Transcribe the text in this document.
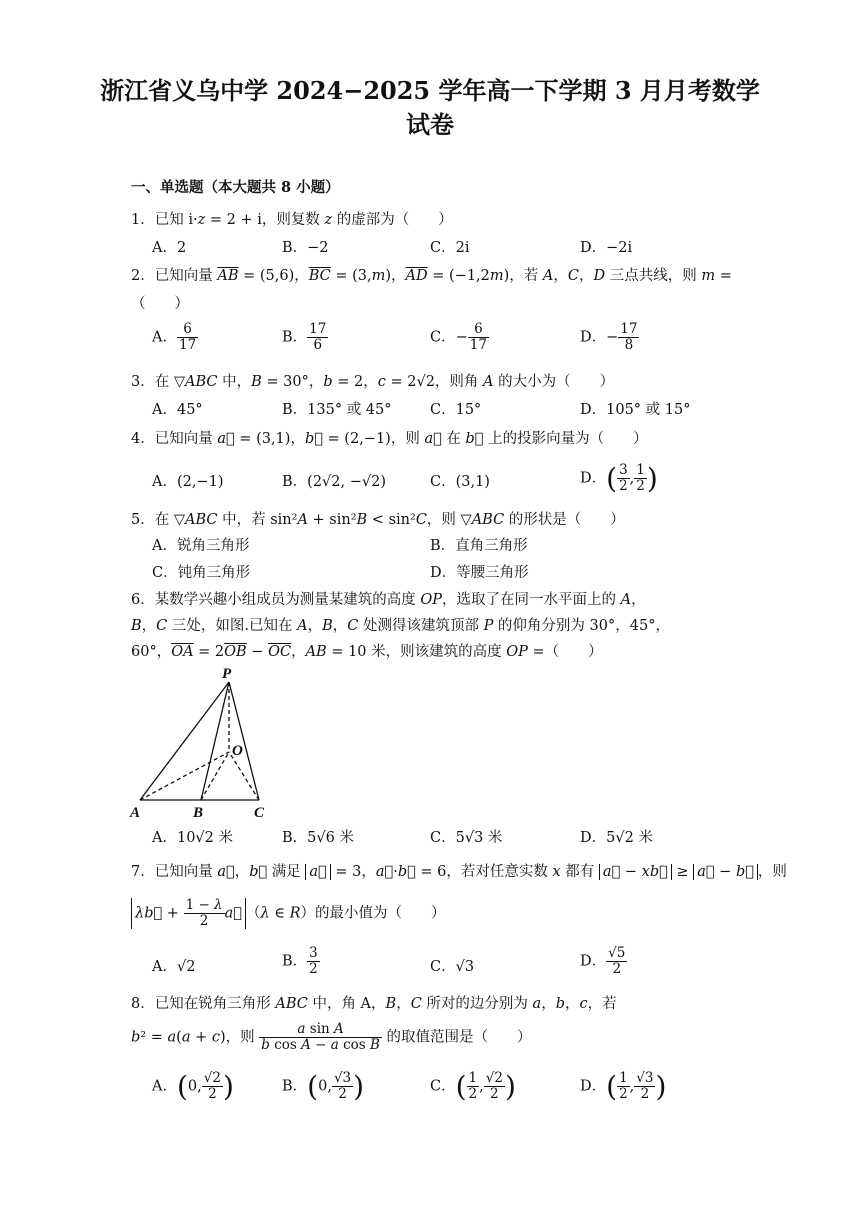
浙江省义乌中学 2024−2025 学年高一下学期 3 月月考数学
试卷
一、单选题（本大题共 8 小题）
1．已知 i·z = 2 + i，则复数 z 的虚部为（　　）
A．2	B．−2	C．2i	D．−2i
2．已知向量 $\overline{AB} = (5,6)$，$\overline{BC} = (3,m)$，$\overline{AD} = (-1,2m)$，若 A，C，D 三点共线，则 m =
（　　）
A． $\frac{6}{17}$	B． $\frac{17}{6}$	C．− $\frac{6}{17}$	D．− $\frac{17}{8}$
3．在 ▽ABC 中，B = 30°，b = 2，c = 2√2，则角 A 的大小为（　　）
A．45°	B．135° 或 45°	C．15°	D．105° 或 15°
4．已知向量 a⃗ = (3,1)，b⃗ = (2,−1)，则 a⃗ 在 b⃗ 上的投影向量为（　　）
A．(2,−1)	B．(2√2, −√2)	C．(3,1)	D．( $\frac{3}{2}$ , $\frac{1}{2}$ )
5．在 ▽ABC 中，若 sin²A + sin²B < sin²C，则 ▽ABC 的形状是（　　）
A．锐角三角形	B．直角三角形
C．钝角三角形	D．等腰三角形
6．某数学兴趣小组成员为测量某建筑的高度 OP，选取了在同一水平面上的 A，
B，C 三处，如图.已知在 A，B，C 处测得该建筑顶部 P 的仰角分别为 30°，45°，
60°，$\overline{OA} = 2\overline{OB} - \overline{OC}$，AB = 10 米，则该建筑的高度 OP =（　　）
P
O
A	B	C
A．10√2 米	B．5√6 米	C．5√3 米	D．5√2 米
7．已知向量 a⃗，b⃗ 满足 a⃗ = 3，a⃗·b⃗ = 6，若对任意实数 x 都有 a⃗ − xb⃗ ≥ a⃗ − b⃗ ，则
λb⃗ + $\frac{1 - \lambda}{2}$ a⃗ （λ ∈ R）的最小值为（　　）
A．√2	B． $\frac{3}{2}$	C．√3	D． $\frac{√5}{2}$
8．已知在锐角三角形 ABC 中，角 A，B，C 所对的边分别为 a，b，c，若
b² = a(a + c)，则 $\frac{\text{a sin A}}{\text{b cos A − a cos B}}$ 的取值范围是（　　）
A．(0, $\frac{√2}{2}$ )	B．(0, $\frac{√3}{2}$ )	C．( $\frac{1}{2}$ , $\frac{√2}{2}$ )	D．( $\frac{1}{2}$ , $\frac{√3}{2}$ )
